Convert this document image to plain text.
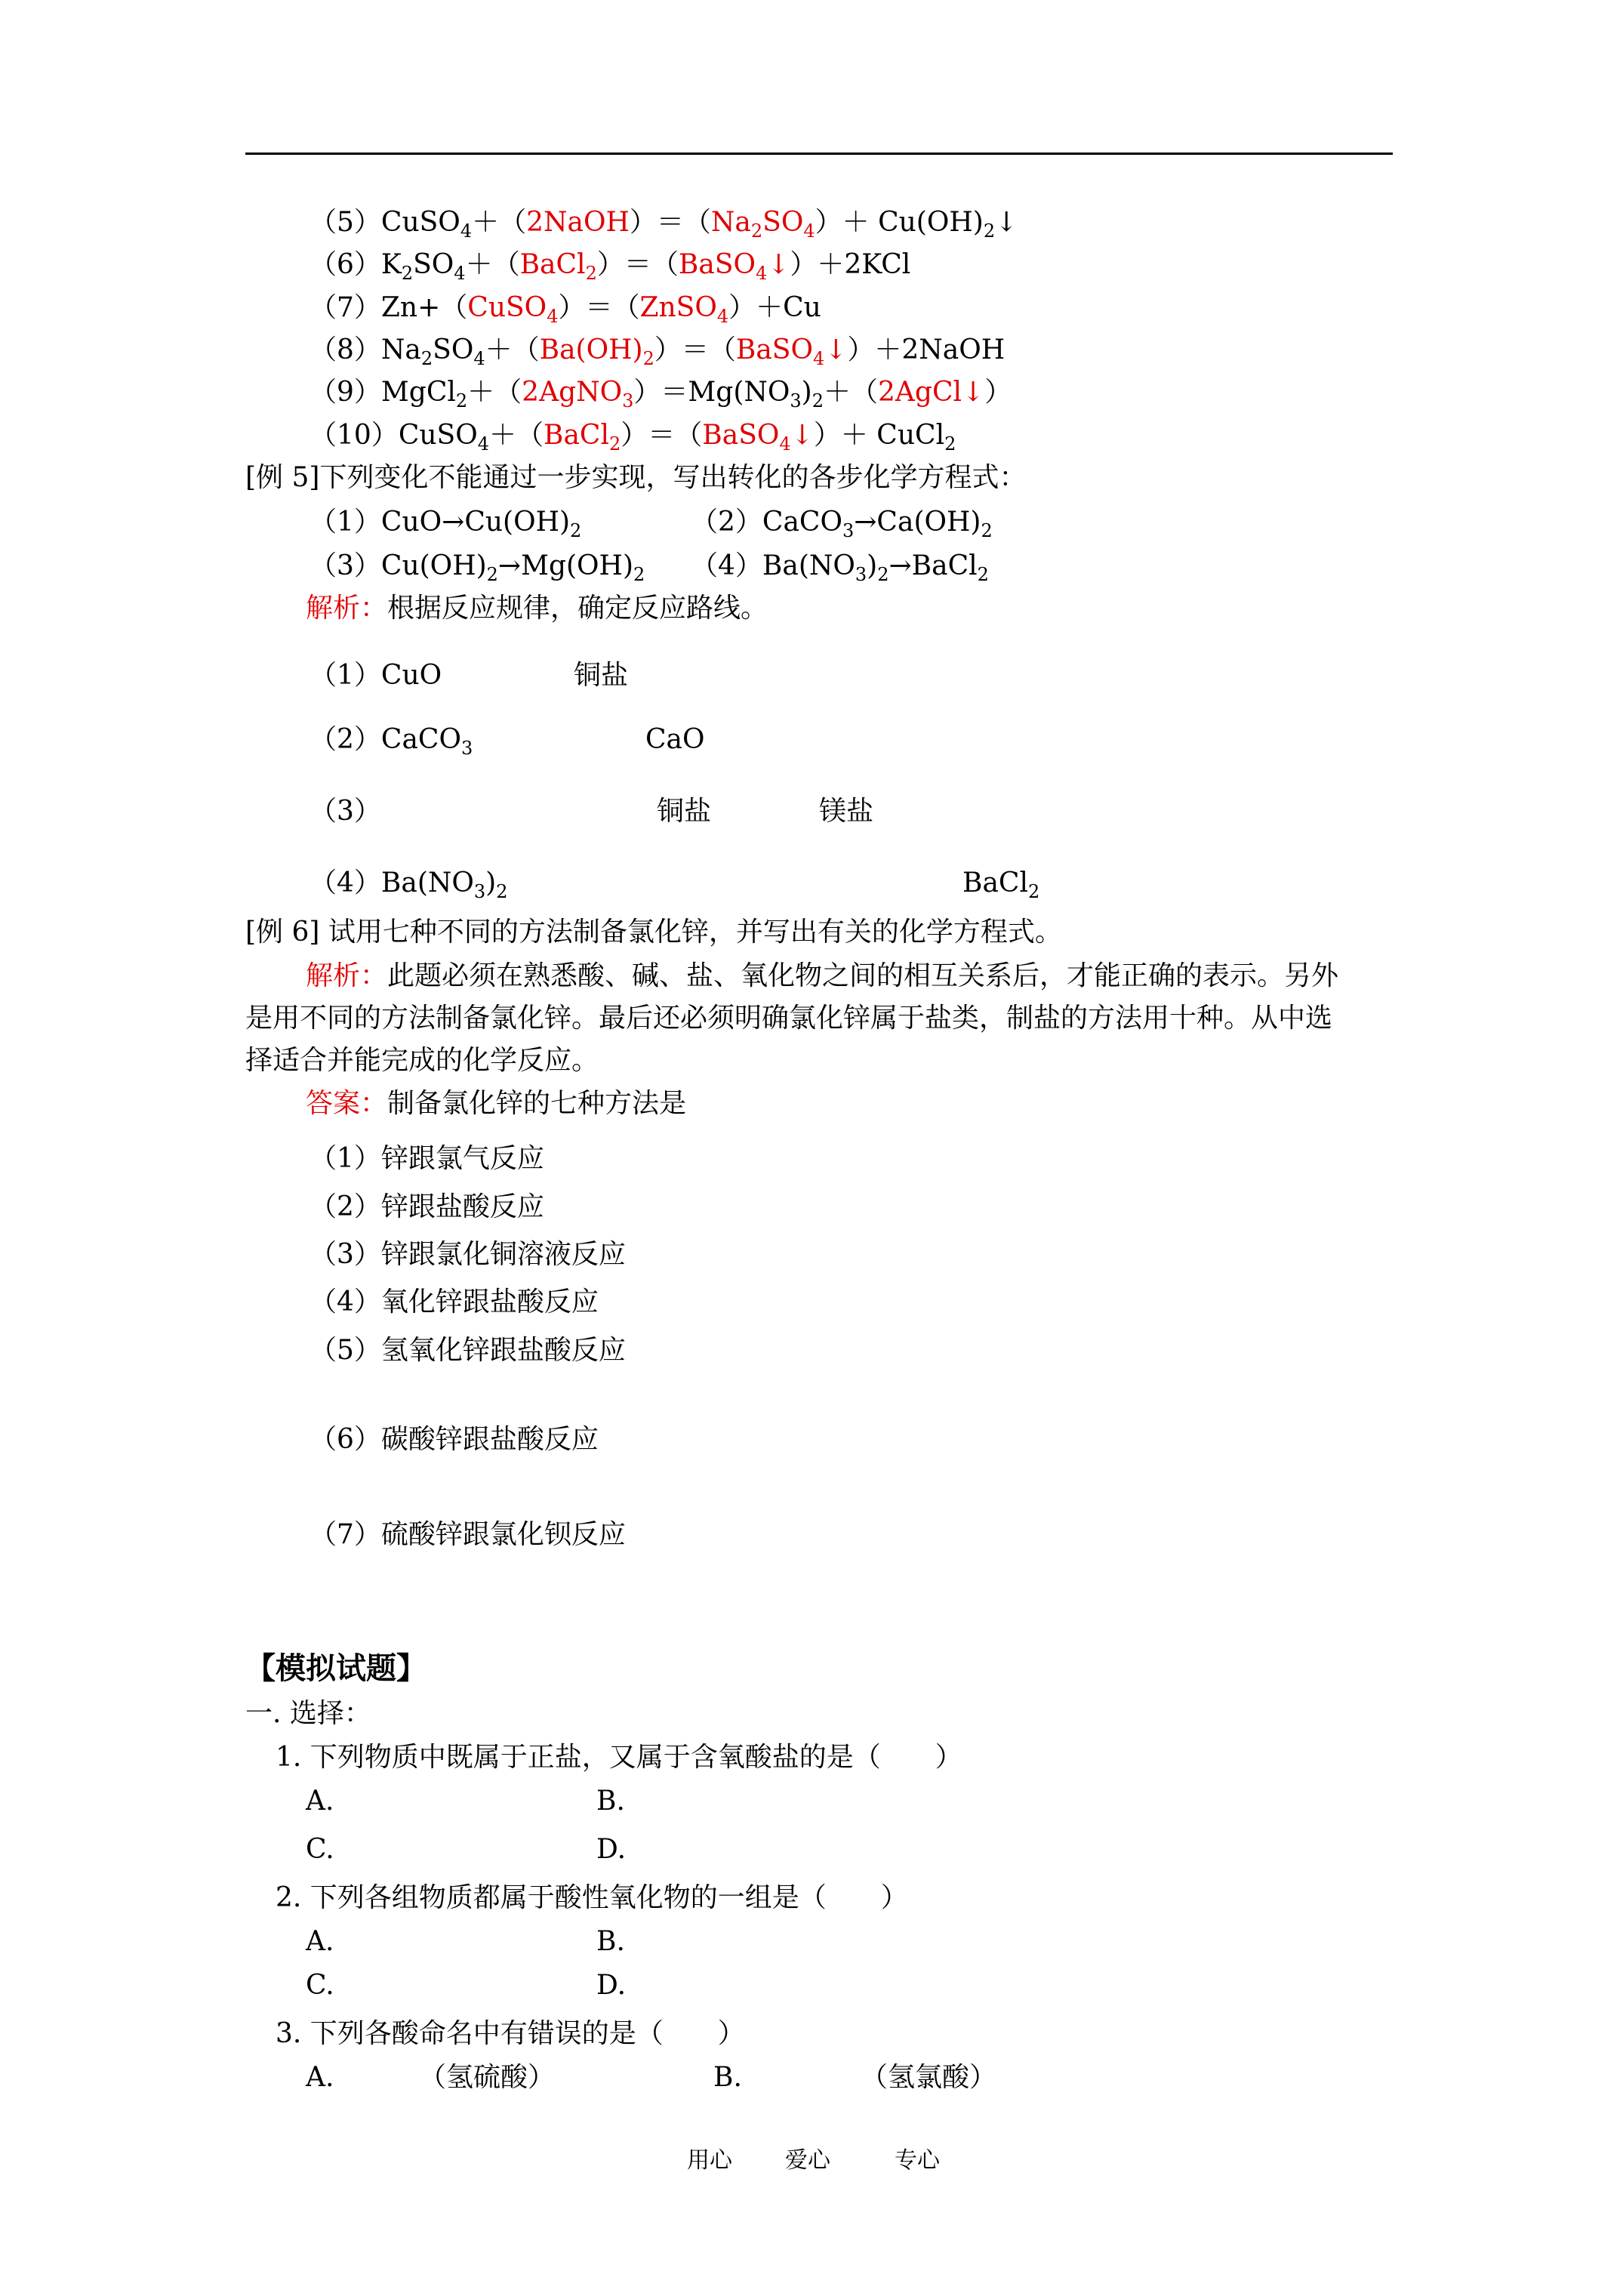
$(5)CuSO_4+(2NaOH)=(Na_2SO_4)+$ $Cu(OH)_2↓$
$(6)K_2SO_4+(BaCl_2)=(BaSO_4↓)+2KCl$
（7）Zn+（CuSO$_4$）＝（ZnSO$_4$）＋Cu
$(8)Na_2SO_4+(Ba(OH)_2)=(BaSO_4↓)+2NaOH$
$(9)MgCl_2+(2AgNO_3)=Mg(NO_3)_2+(2AgCl↓)$
（10）CuSO$_4$＋（BaCl$_2$）＝（BaSO$_4$↓）＋ CuCl$_2$
[例 5]下列变化不能通过一步实现，写出转化的各步化学方程式：
$(1)CuO\to Cu(OH)_2$	$(2)CaCO_3\to Ca(OH)_2$
$(3)Cu(OH)_2\to Mg(OH)_2$ $(4)Ba(NO_3)_2\to BaCl_2$
解析：根据反应规律，确定反应路线。
（1）CuO	铜盐
（2）CaCO$_3$	CaO
（3）	铜盐	镁盐
$(4)Ba(NO_3)_2$	BaCl$_2$
[例 6] 试用七种不同的方法制备氯化锌，并写出有关的化学方程式。
解析：此题必须在熟悉酸、碱、盐、氧化物之间的相互关系后，才能正确的表示。另外
是用不同的方法制备氯化锌。最后还必须明确氯化锌属于盐类，制盐的方法用十种。从中选
择适合并能完成的化学反应。
答案：制备氯化锌的七种方法是
（1）锌跟氯气反应
（2）锌跟盐酸反应
（3）锌跟氯化铜溶液反应
（4）氧化锌跟盐酸反应
（5）氢氧化锌跟盐酸反应
（6）碳酸锌跟盐酸反应
（7）硫酸锌跟氯化钡反应
【模拟试题】
一. 选择：
1. 下列物质中既属于正盐，又属于含氧酸盐的是（　　）
A.	B.
C.	D.
2. 下列各组物质都属于酸性氧化物的一组是（　　）
A.	B.
C.	D.
3. 下列各酸命名中有错误的是（　　）
A.	（氢硫酸）	B.	（氢氯酸）
用心 爱心	专心
